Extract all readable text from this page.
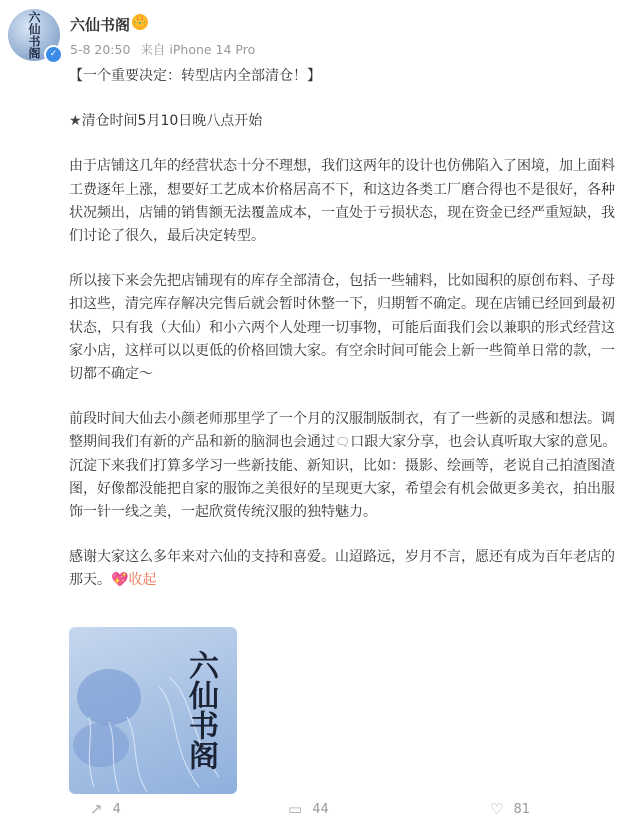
六仙书阁 ✓
六仙书阁 👑
5-8 20:50 来自 iPhone 14 Pro

【一个重要决定：转型店内全部清仓！】

★清仓时间5月10日晚八点开始

由于店铺这几年的经营状态十分不理想，我们这两年的设计也仿佛陷入了困境，加上面料工费逐年上涨，想要好工艺成本价格居高不下，和这边各类工厂磨合得也不是很好，各种状况频出，店铺的销售额无法覆盖成本，一直处于亏损状态，现在资金已经严重短缺，我们讨论了很久，最后决定转型。

所以接下来会先把店铺现有的库存全部清仓，包括一些辅料，比如囤积的原创布料、子母扣这些，清完库存解决完售后就会暂时休整一下，归期暂不确定。现在店铺已经回到最初状态，只有我（大仙）和小六两个人处理一切事物，可能后面我们会以兼职的形式经营这家小店，这样可以以更低的价格回馈大家。有空余时间可能会上新一些简单日常的款，一切都不确定～

前段时间大仙去小颜老师那里学了一个月的汉服制版制衣，有了一些新的灵感和想法。调整期间我们有新的产品和新的脑洞也会通过🗨口跟大家分享，也会认真听取大家的意见。沉淀下来我们打算多学习一些新技能、新知识，比如：摄影、绘画等，老说自己拍渣图渣图，好像都没能把自家的服饰之美很好的呈现更大家，希望会有机会做更多美衣，拍出服饰一针一线之美，一起欣赏传统汉服的独特魅力。

感谢大家这么多年来对六仙的支持和喜爱。山迢路远，岁月不言，愿还有成为百年老店的那天。💖收起

六仙书阁
↗ 4	▭ 44	♡ 81
